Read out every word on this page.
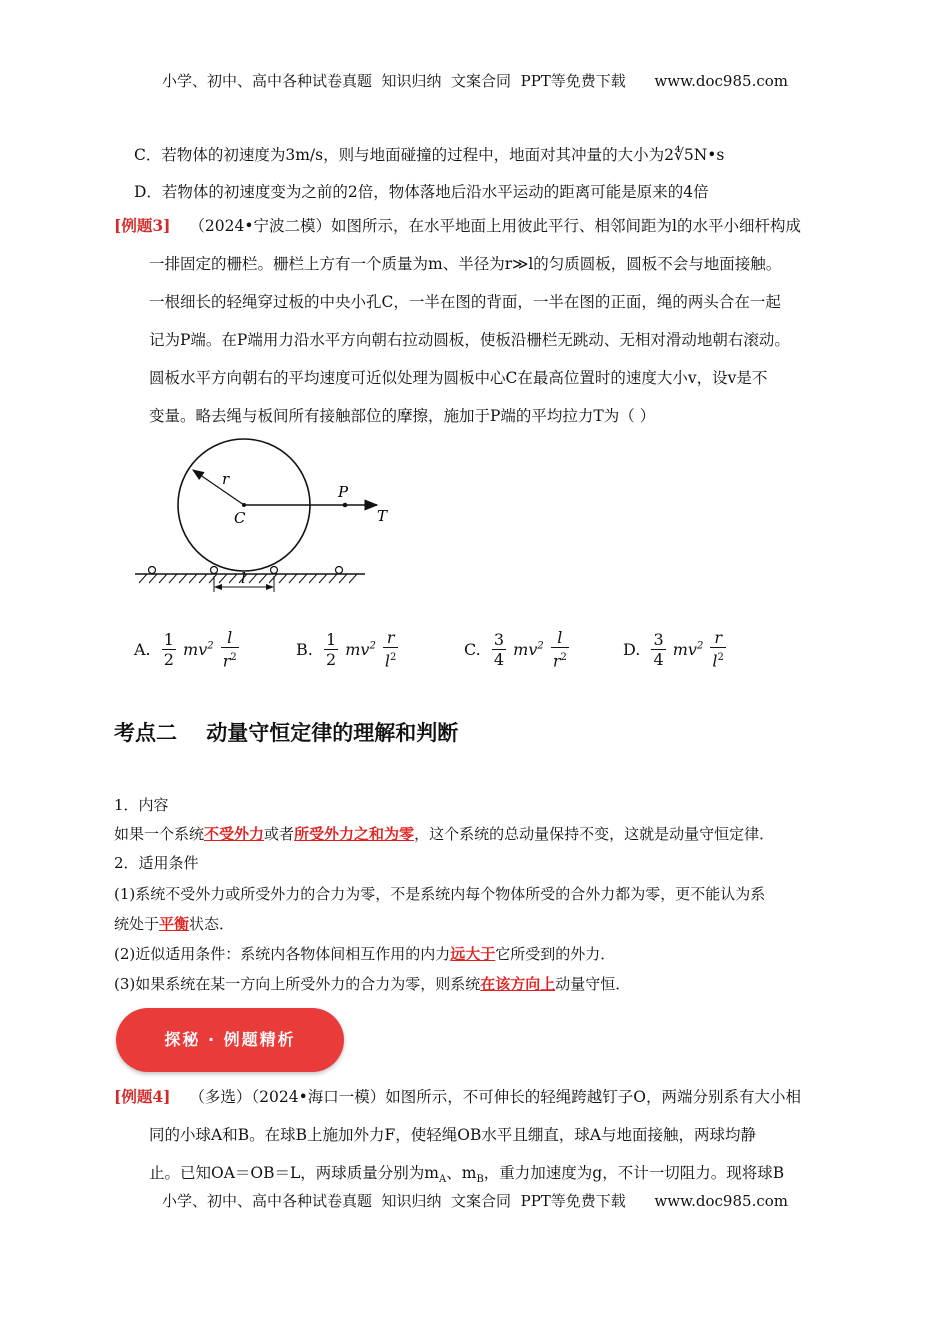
小学、初中、高中各种试卷真题  知识归纳  文案合同  PPT等免费下载      www.doc985.com
C．若物体的初速度为3m/s，则与地面碰撞的过程中，地面对其冲量的大小为2∜5N•s
D．若物体的初速度变为之前的2倍，物体落地后沿水平运动的距离可能是原来的4倍
[例题3] （2024•宁波二模）如图所示，在水平地面上用彼此平行、相邻间距为l的水平小细杆构成
一排固定的栅栏。栅栏上方有一个质量为m、半径为r≫l的匀质圆板，圆板不会与地面接触。
一根细长的轻绳穿过板的中央小孔C，一半在图的背面，一半在图的正面，绳的两头合在一起
记为P端。在P端用力沿水平方向朝右拉动圆板，使板沿栅栏无跳动、无相对滑动地朝右滚动。
圆板水平方向朝右的平均速度可近似处理为圆板中心C在最高位置时的速度大小v，设v是不
变量。略去绳与板间所有接触部位的摩擦，施加于P端的平均拉力T为（ ）
r
C
P
T
l
A. $\frac{1}{2} mv^2 \frac{l}{r^2}$	B. $\frac{1}{2} mv^2 \frac{r}{l^2}$	C. $\frac{3}{4} mv^2 \frac{l}{r^2}$	D. $\frac{3}{4} mv^2 \frac{r}{l^2}$
考点二    动量守恒定律的理解和判断
1．内容
如果一个系统不受外力或者所受外力之和为零，这个系统的总动量保持不变，这就是动量守恒定律．
2．适用条件
(1)系统不受外力或所受外力的合力为零，不是系统内每个物体所受的合外力都为零，更不能认为系
统处于平衡状态．
(2)近似适用条件：系统内各物体间相互作用的内力远大于它所受到的外力．
(3)如果系统在某一方向上所受外力的合力为零，则系统在该方向上动量守恒．
探秘 · 例题精析
[例题4] （多选）（2024•海口一模）如图所示，不可伸长的轻绳跨越钉子O，两端分别系有大小相
同的小球A和B。在球B上施加外力F，使轻绳OB水平且绷直，球A与地面接触，两球均静
止。已知OA＝OB＝L，两球质量分别为$m_A$、$m_B$，重力加速度为g，不计一切阻力。现将球B
小学、初中、高中各种试卷真题  知识归纳  文案合同  PPT等免费下载      www.doc985.com
